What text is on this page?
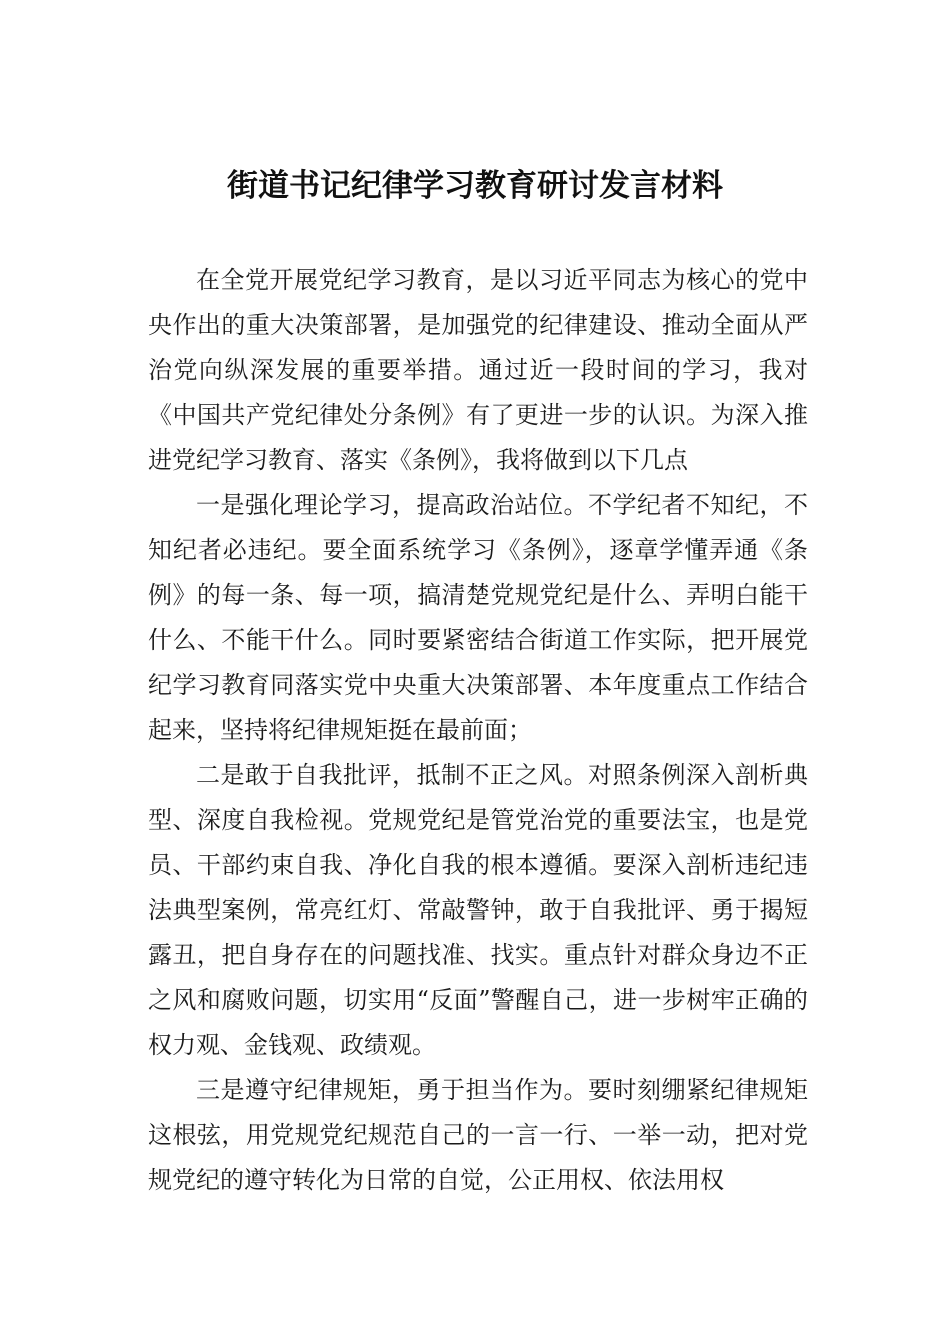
街道书记纪律学习教育研讨发言材料

在全党开展党纪学习教育，是以习近平同志为核心的党中央作出的重大决策部署，是加强党的纪律建设、推动全面从严治党向纵深发展的重要举措。通过近一段时间的学习，我对《中国共产党纪律处分条例》有了更进一步的认识。为深入推进党纪学习教育、落实《条例》，我将做到以下几点

一是强化理论学习，提高政治站位。不学纪者不知纪，不知纪者必违纪。要全面系统学习《条例》，逐章学懂弄通《条例》的每一条、每一项，搞清楚党规党纪是什么、弄明白能干什么、不能干什么。同时要紧密结合街道工作实际，把开展党纪学习教育同落实党中央重大决策部署、本年度重点工作结合起来，坚持将纪律规矩挺在最前面；

二是敢于自我批评，抵制不正之风。对照条例深入剖析典型、深度自我检视。党规党纪是管党治党的重要法宝，也是党员、干部约束自我、净化自我的根本遵循。要深入剖析违纪违法典型案例，常亮红灯、常敲警钟，敢于自我批评、勇于揭短露丑，把自身存在的问题找准、找实。重点针对群众身边不正之风和腐败问题，切实用“反面”警醒自己，进一步树牢正确的权力观、金钱观、政绩观。

三是遵守纪律规矩，勇于担当作为。要时刻绷紧纪律规矩这根弦，用党规党纪规范自己的一言一行、一举一动，把对党规党纪的遵守转化为日常的自觉，公正用权、依法用权
